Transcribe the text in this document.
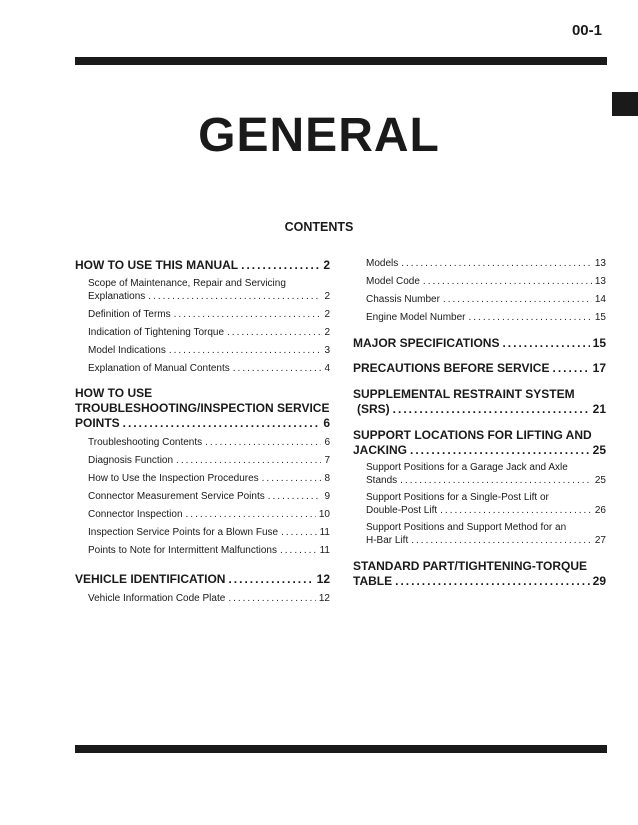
00-1
GENERAL
CONTENTS
HOW TO USE THIS MANUAL .....	2
Scope of Maintenance, Repair and Servicing
Explanations .....	2
Definition of Terms .....	2
Indication of Tightening Torque .....	2
Model Indications .....	3
Explanation of Manual Contents .....	4
HOW TO USE
TROUBLESHOOTING/INSPECTION SERVICE
POINTS .....	6
Troubleshooting Contents .....	6
Diagnosis Function .....	7
How to Use the Inspection Procedures .....	8
Connector Measurement Service Points .....	9
Connector Inspection .....	10
Inspection Service Points for a Blown Fuse .....	11
Points to Note for Intermittent Malfunctions .....	11
VEHICLE IDENTIFICATION .....	12
Vehicle Information Code Plate .....	12
Models .....	13
Model Code .....	13
Chassis Number .....	14
Engine Model Number .....	15
MAJOR SPECIFICATIONS .....	15
PRECAUTIONS BEFORE SERVICE .....	17
SUPPLEMENTAL RESTRAINT SYSTEM
(SRS) .....	21
SUPPORT LOCATIONS FOR LIFTING AND
JACKING .....	25
Support Positions for a Garage Jack and Axle
Stands .....	25
Support Positions for a Single-Post Lift or
Double-Post Lift .....	26
Support Positions and Support Method for an
H-Bar Lift .....	27
STANDARD PART/TIGHTENING-TORQUE
TABLE .....	29
